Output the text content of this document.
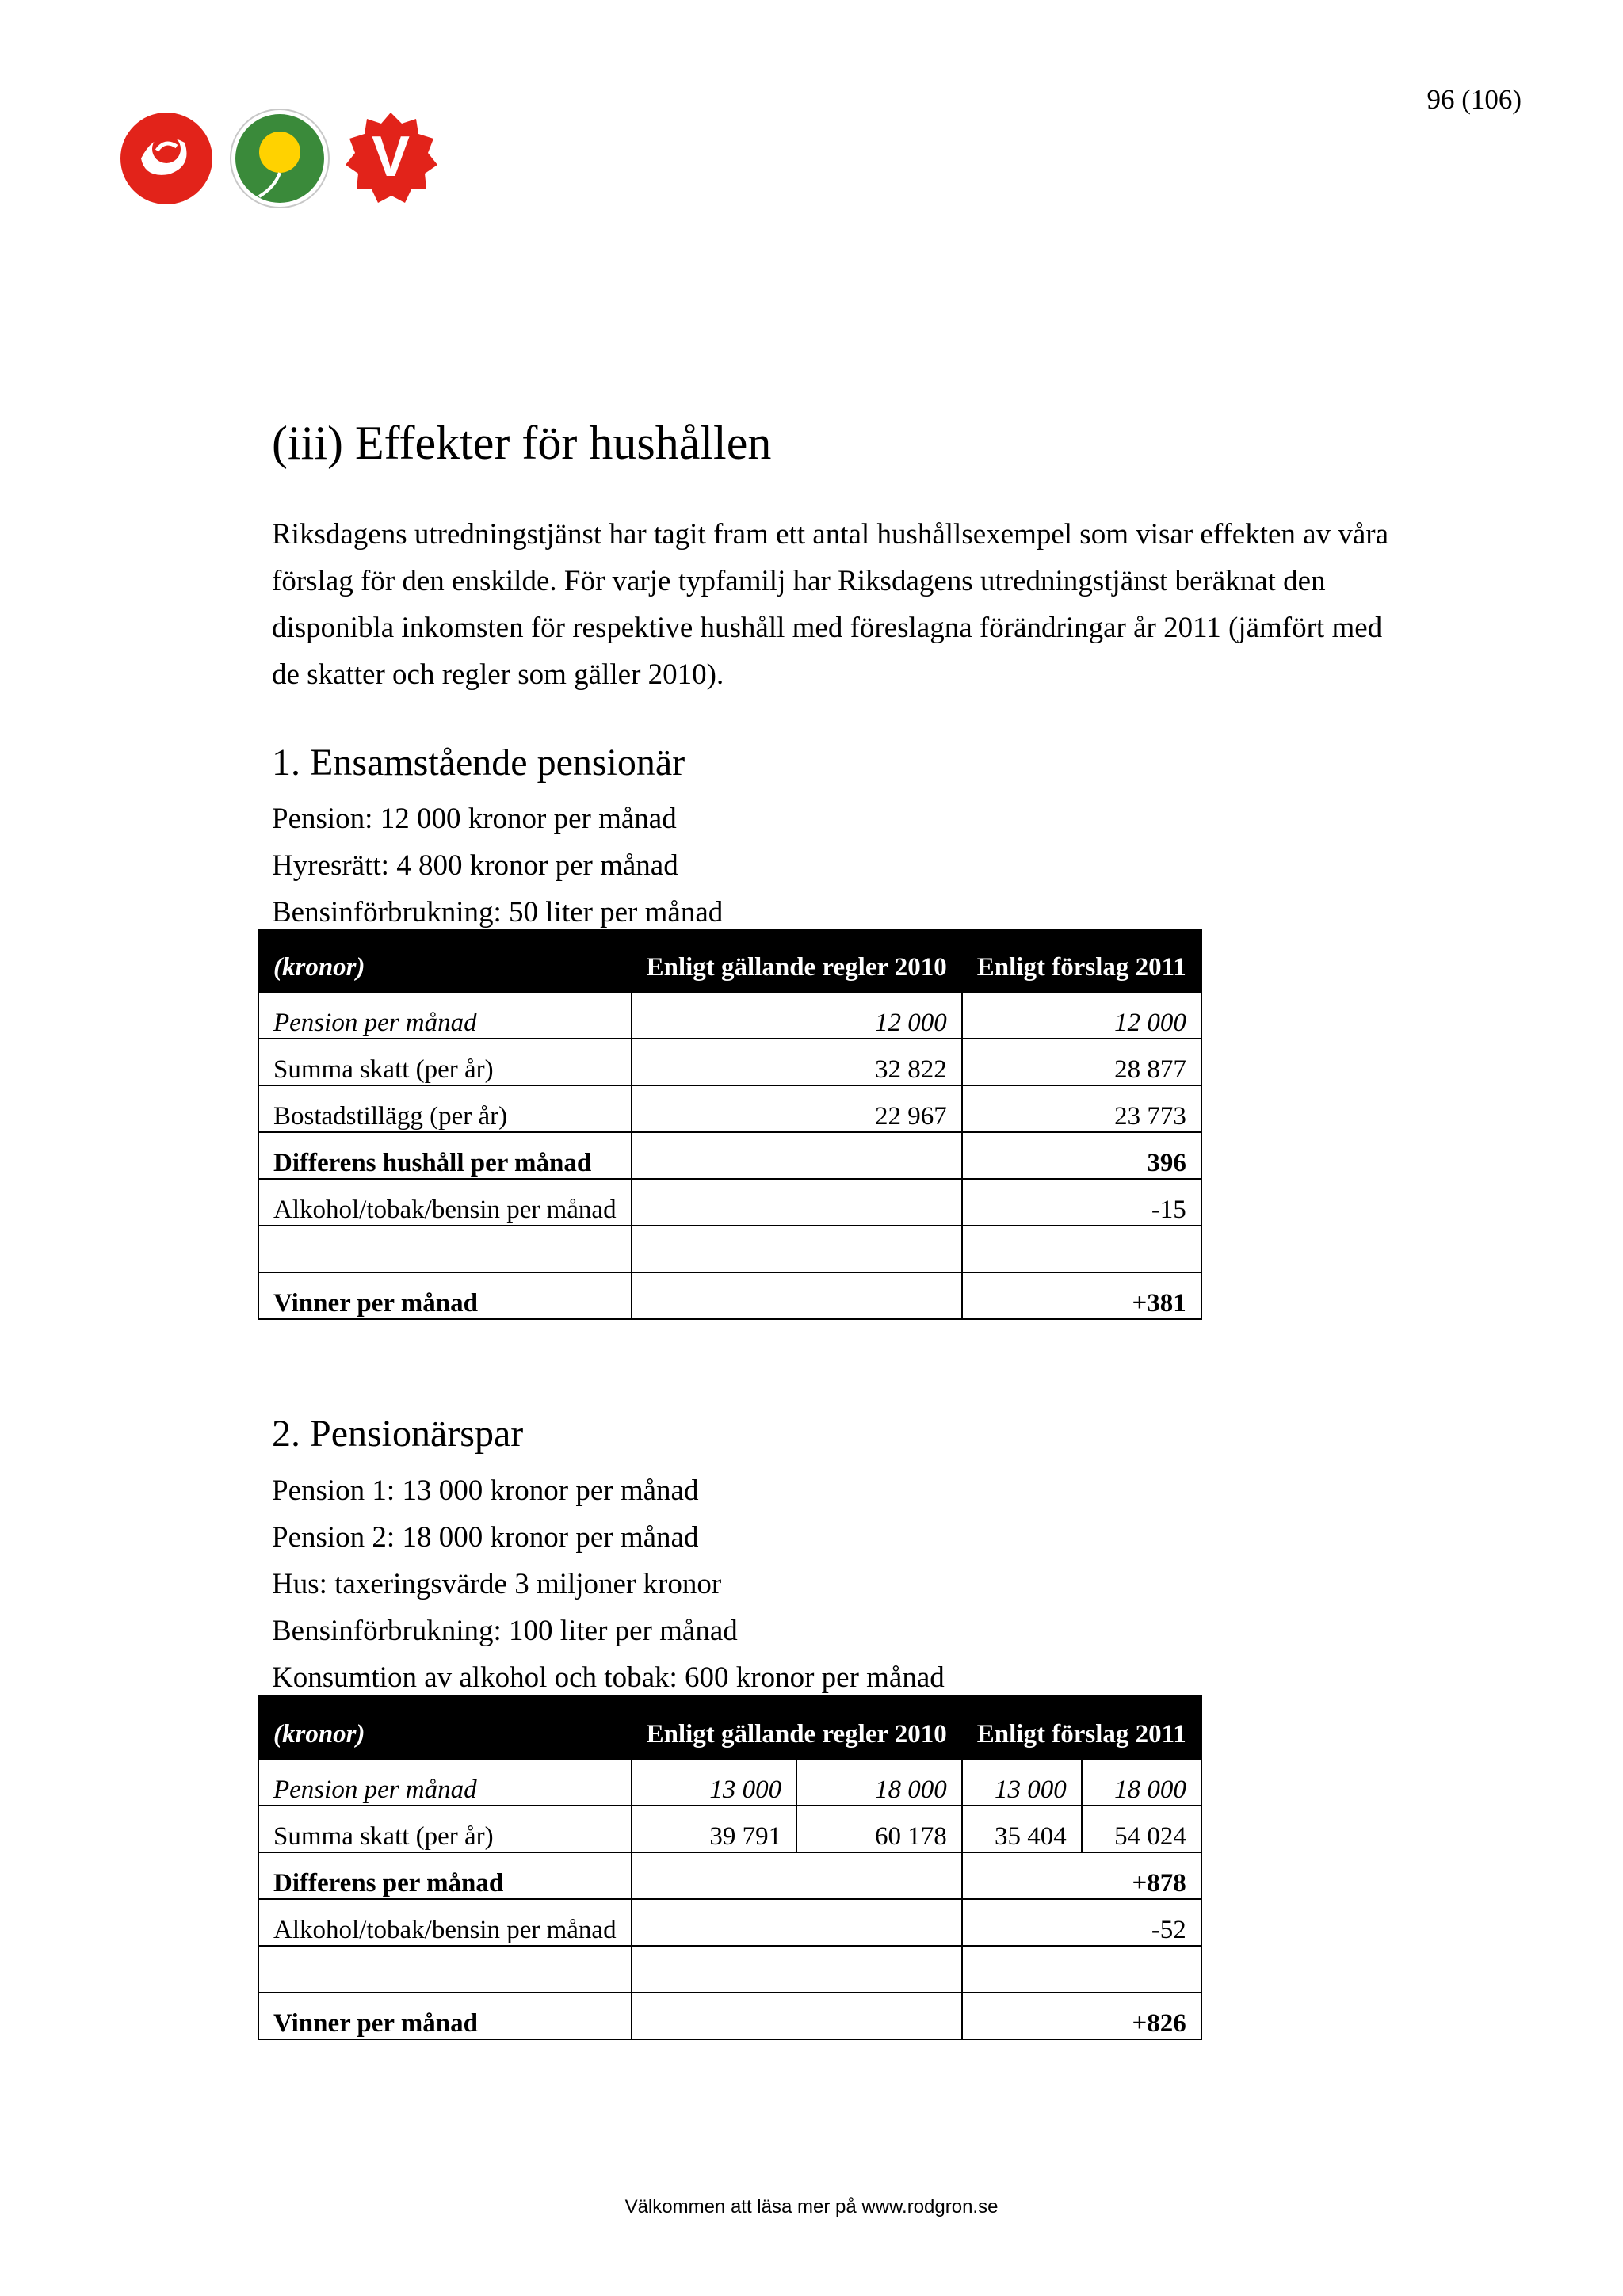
96 (106)
V
(iii) Effekter för hushållen

Riksdagens utredningstjänst har tagit fram ett antal hushållsexempel som visar effekten av våra förslag för den enskilde. För varje typfamilj har Riksdagens utredningstjänst beräknat den disponibla inkomsten för respektive hushåll med föreslagna förändringar år 2011 (jämfört med de skatter och regler som gäller 2010).

1. Ensamstående pensionär
Pension: 12 000 kronor per månad
Hyresrätt: 4 800 kronor per månad
Bensinförbrukning: 50 liter per månad
(kronor)	Enligt gällande regler 2010	Enligt förslag 2011
Pension per månad	12 000	12 000
Summa skatt (per år)	32 822	28 877
Bostadstillägg (per år)	22 967	23 773
Differens hushåll per månad		396
Alkohol/tobak/bensin per månad		-15

Vinner per månad		+381
2. Pensionärspar
Pension 1: 13 000 kronor per månad
Pension 2: 18 000 kronor per månad
Hus: taxeringsvärde 3 miljoner kronor
Bensinförbrukning: 100 liter per månad
Konsumtion av alkohol och tobak: 600 kronor per månad
(kronor)	Enligt gällande regler 2010		Enligt förslag 2011	
Pension per månad	13 000	18 000	13 000	18 000
Summa skatt (per år)	39 791	60 178	35 404	54 024
Differens per månad			+878	
Alkohol/tobak/bensin per månad			-52	

Vinner per månad			+826	
Välkommen att läsa mer på www.rodgron.se
